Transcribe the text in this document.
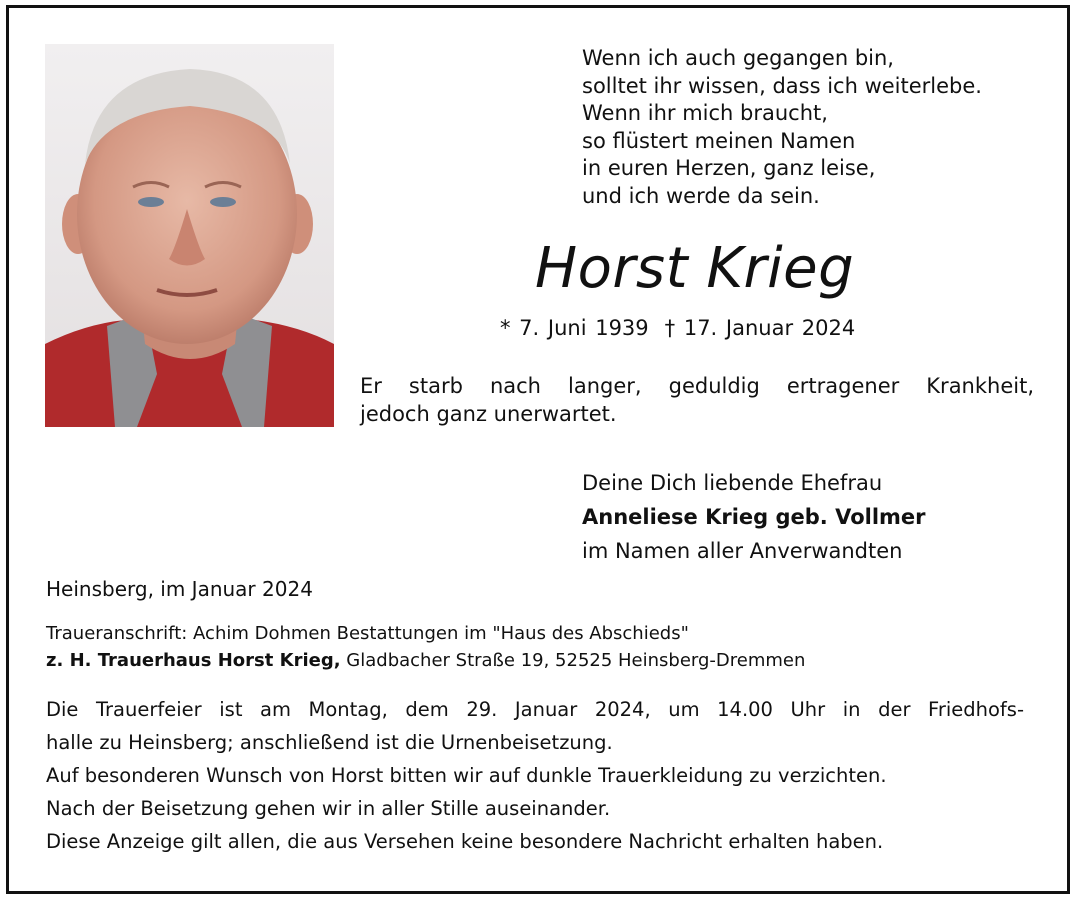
Wenn ich auch gegangen bin,
solltet ihr wissen, dass ich weiterlebe.
Wenn ihr mich braucht,
so flüstert meinen Namen
in euren Herzen, ganz leise,
und ich werde da sein.
Horst Krieg
* 7. Juni 1939 † 17. Januar 2024
Er starb nach langer, geduldig ertragener Krankheit,
jedoch ganz unerwartet.
Deine Dich liebende Ehefrau
Anneliese Krieg geb. Vollmer
im Namen aller Anverwandten
Heinsberg, im Januar 2024
Traueranschrift: Achim Dohmen Bestattungen im "Haus des Abschieds"
z. H. Trauerhaus Horst Krieg, Gladbacher Straße 19, 52525 Heinsberg-Dremmen
Die Trauerfeier ist am Montag, dem 29. Januar 2024, um 14.00 Uhr in der Friedhofs-
halle zu Heinsberg; anschließend ist die Urnenbeisetzung.
Auf besonderen Wunsch von Horst bitten wir auf dunkle Trauerkleidung zu verzichten.
Nach der Beisetzung gehen wir in aller Stille auseinander.
Diese Anzeige gilt allen, die aus Versehen keine besondere Nachricht erhalten haben.
